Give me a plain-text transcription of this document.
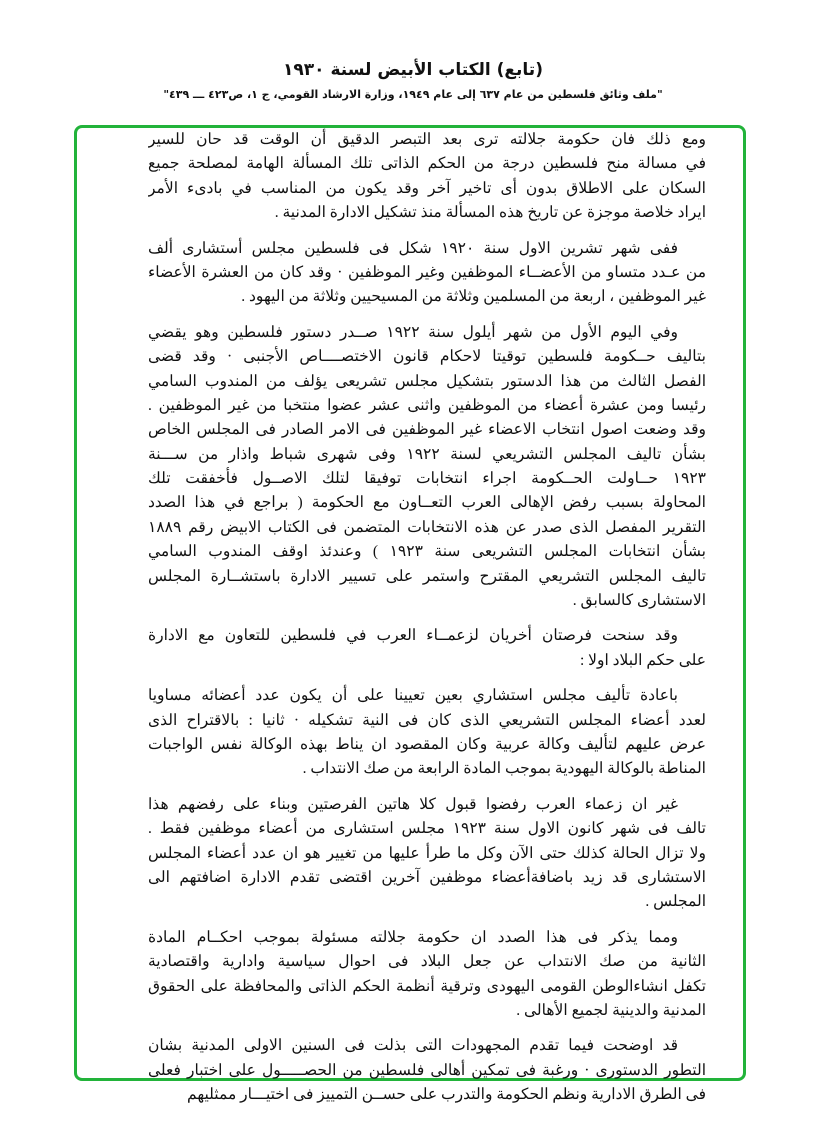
(تابع) الكتاب الأبيض لسنة ١٩٣٠
"ملف وثائق فلسطين من عام ٦٣٧ إلى عام ١٩٤٩، وزارة الارشاد القومي، ج ١، ص٤٢٣ ـــ ٤٣٩"
ومع ذلك فان حكومة جلالته ترى بعد التبصر الدقيق أن الوقت قد حان للسير
في مسالة منح فلسطين درجة من الحكم الذاتى تلك المسألة الهامة لمصلحة جميع
السكان على الاطلاق بدون أى تاخير آخر وقد يكون من المناسب في بادىء الأمر
ايراد خلاصة موجزة عن تاريخ هذه المسألة منذ تشكيل الادارة المدنية .
ففى شهر تشرين الاول سنة ١٩٢٠ شكل فى فلسطين مجلس أستشارى ألف
من عـدد متساو من الأعضــاء الموظفين وغير الموظفين · وقد كان من العشرة الأعضاء
غير الموظفين ، اربعة من المسلمين وثلاثة من المسيحيين وثلاثة من اليهود .
وفي اليوم الأول من شهر أيلول سنة ١٩٢٢ صــدر دستور فلسطين وهو يقضي
بتاليف حــكومة فلسطين توقيتا لاحكام قانون الاختصــــاص الأجنبى · وقد قضى
الفصل الثالث من هذا الدستور بتشكيل مجلس تشريعى يؤلف من المندوب السامي
رئيسا ومن عشرة أعضاء من الموظفين واثنى عشر عضوا منتخبا من غير الموظفين .
وقد وضعت اصول انتخاب الاعضاء غير الموظفين فى الامر الصادر فى المجلس الخاص
بشأن تاليف المجلس التشريعي لسنة ١٩٢٢ وفى شهرى شباط واذار من ســـنة
١٩٢٣ حــاولت الحــكومة اجراء انتخابات توفيقا لتلك الاصــول فأخفقت تلك
المحاولة بسبب رفض الإهالى العرب التعــاون مع الحكومة ( براجع في هذا الصدد
التقرير المفصل الذى صدر عن هذه الانتخابات المتضمن فى الكتاب الابيض رقم ١٨٨٩
بشأن انتخابات المجلس التشريعى سنة ١٩٢٣ ) وعندئذ اوقف المندوب السامي
تاليف المجلس التشريعي المقترح واستمر على تسيير الادارة باستشــارة المجلس
الاستشارى كالسابق .
وقد سنحت فرصتان أخريان لزعمــاء العرب في فلسطين للتعاون مع الادارة
على حكم البلاد اولا :
باعادة تأليف مجلس استشاري بعين تعيينا على أن يكون عدد أعضائه مساويا
لعدد أعضاء المجلس التشريعي الذى كان فى النية تشكيله · ثانيا : بالاقتراح الذى
عرض عليهم لتأليف وكالة عربية وكان المقصود ان يناط بهذه الوكالة نفس الواجبات
المناطة بالوكالة اليهودية بموجب المادة الرابعة من صك الانتداب .
غير ان زعماء العرب رفضوا قبول كلا هاتين الفرصتين وبناء على رفضهم هذا
تالف فى شهر كانون الاول سنة ١٩٢٣ مجلس استشارى من أعضاء موظفين فقط .
ولا تزال الحالة كذلك حتى الآن وكل ما طرأ عليها من تغيير هو ان عدد أعضاء المجلس
الاستشارى قد زيد باضافةأعضاء موظفين آخرين اقتضى تقدم الادارة اضافتهم الى
المجلس .
ومما يذكر فى هذا الصدد ان حكومة جلالته مسئولة بموجب احكــام المادة
الثانية من صك الانتداب عن جعل البلاد فى احوال سياسية وادارية واقتصادية
تكفل انشاءالوطن القومى اليهودى وترقية أنظمة الحكم الذاتى والمحافظة على الحقوق
المدنية والدينية لجميع الأهالى .
قد اوضحت فيما تقدم المجهودات التى بذلت فى السنين الاولى المدنية بشان
التطور الدستورى · ورغبة فى تمكين أهالى فلسطين من الحصـــــول على اختبار فعلى
فى الطرق الادارية ونظم الحكومة والتدرب على حســن التمييز فى اختيـــار ممثليهم
